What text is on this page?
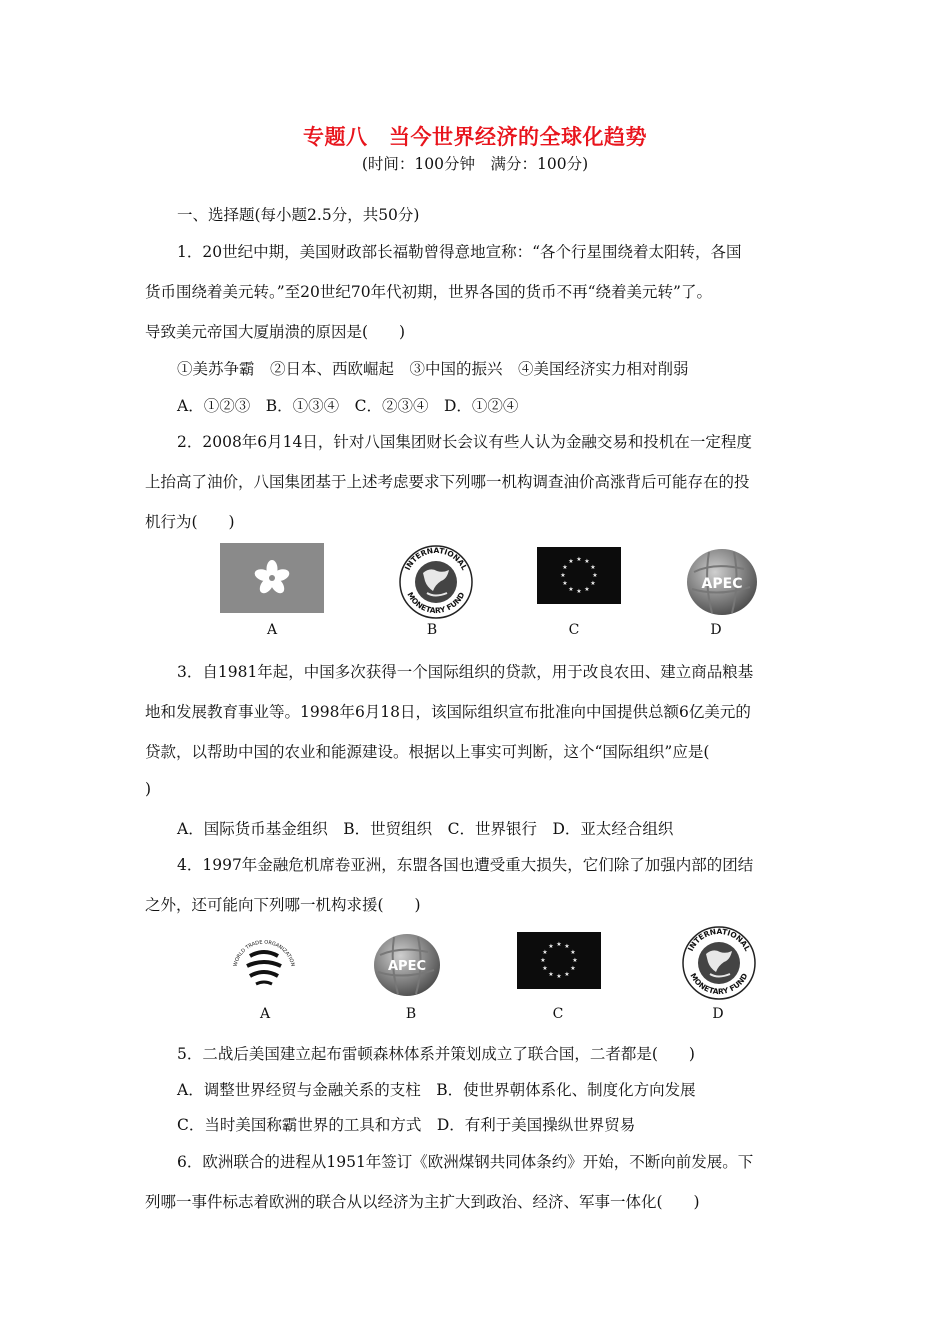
专题八　当今世界经济的全球化趋势
(时间：100分钟　满分：100分)
一、选择题(每小题2.5分，共50分)
1．20世纪中期，美国财政部长福勒曾得意地宣称：“各个行星围绕着太阳转，各国
货币围绕着美元转。”至20世纪70年代初期，世界各国的货币不再“绕着美元转”了。
导致美元帝国大厦崩溃的原因是(　　)
①美苏争霸　②日本、西欧崛起　③中国的振兴　④美国经济实力相对削弱
A．①②③　B．①③④　C．②③④　D．①②④
2．2008年6月14日，针对八国集团财长会议有些人认为金融交易和投机在一定程度
上抬高了油价，八国集团基于上述考虑要求下列哪一机构调查油价高涨背后可能存在的投
机行为(　　)
INTERNATIONAL
MONETARY FUND
★ ★
★
★
★
★
★
★
★
★
★
★
APEC
A	B	C	D
3．自1981年起，中国多次获得一个国际组织的贷款，用于改良农田、建立商品粮基
地和发展教育事业等。1998年6月18日，该国际组织宣布批准向中国提供总额6亿美元的
贷款，以帮助中国的农业和能源建设。根据以上事实可判断，这个“国际组织”应是(
)
A．国际货币基金组织　B．世贸组织　C．世界银行　D．亚太经合组织
4．1997年金融危机席卷亚洲，东盟各国也遭受重大损失，它们除了加强内部的团结
之外，还可能向下列哪一机构求援(　　)
WORLD TRADE ORGANIZATION	APEC
★ ★
★
★
★
★
★
★
★
★
★
★	INTERNATIONAL
MONETARY FUND
A	B	C	D
5．二战后美国建立起布雷顿森林体系并策划成立了联合国，二者都是(　　)
A．调整世界经贸与金融关系的支柱　B．使世界朝体系化、制度化方向发展
C．当时美国称霸世界的工具和方式　D．有利于美国操纵世界贸易
6．欧洲联合的进程从1951年签订《欧洲煤钢共同体条约》开始，不断向前发展。下
列哪一事件标志着欧洲的联合从以经济为主扩大到政治、经济、军事一体化(　　)
